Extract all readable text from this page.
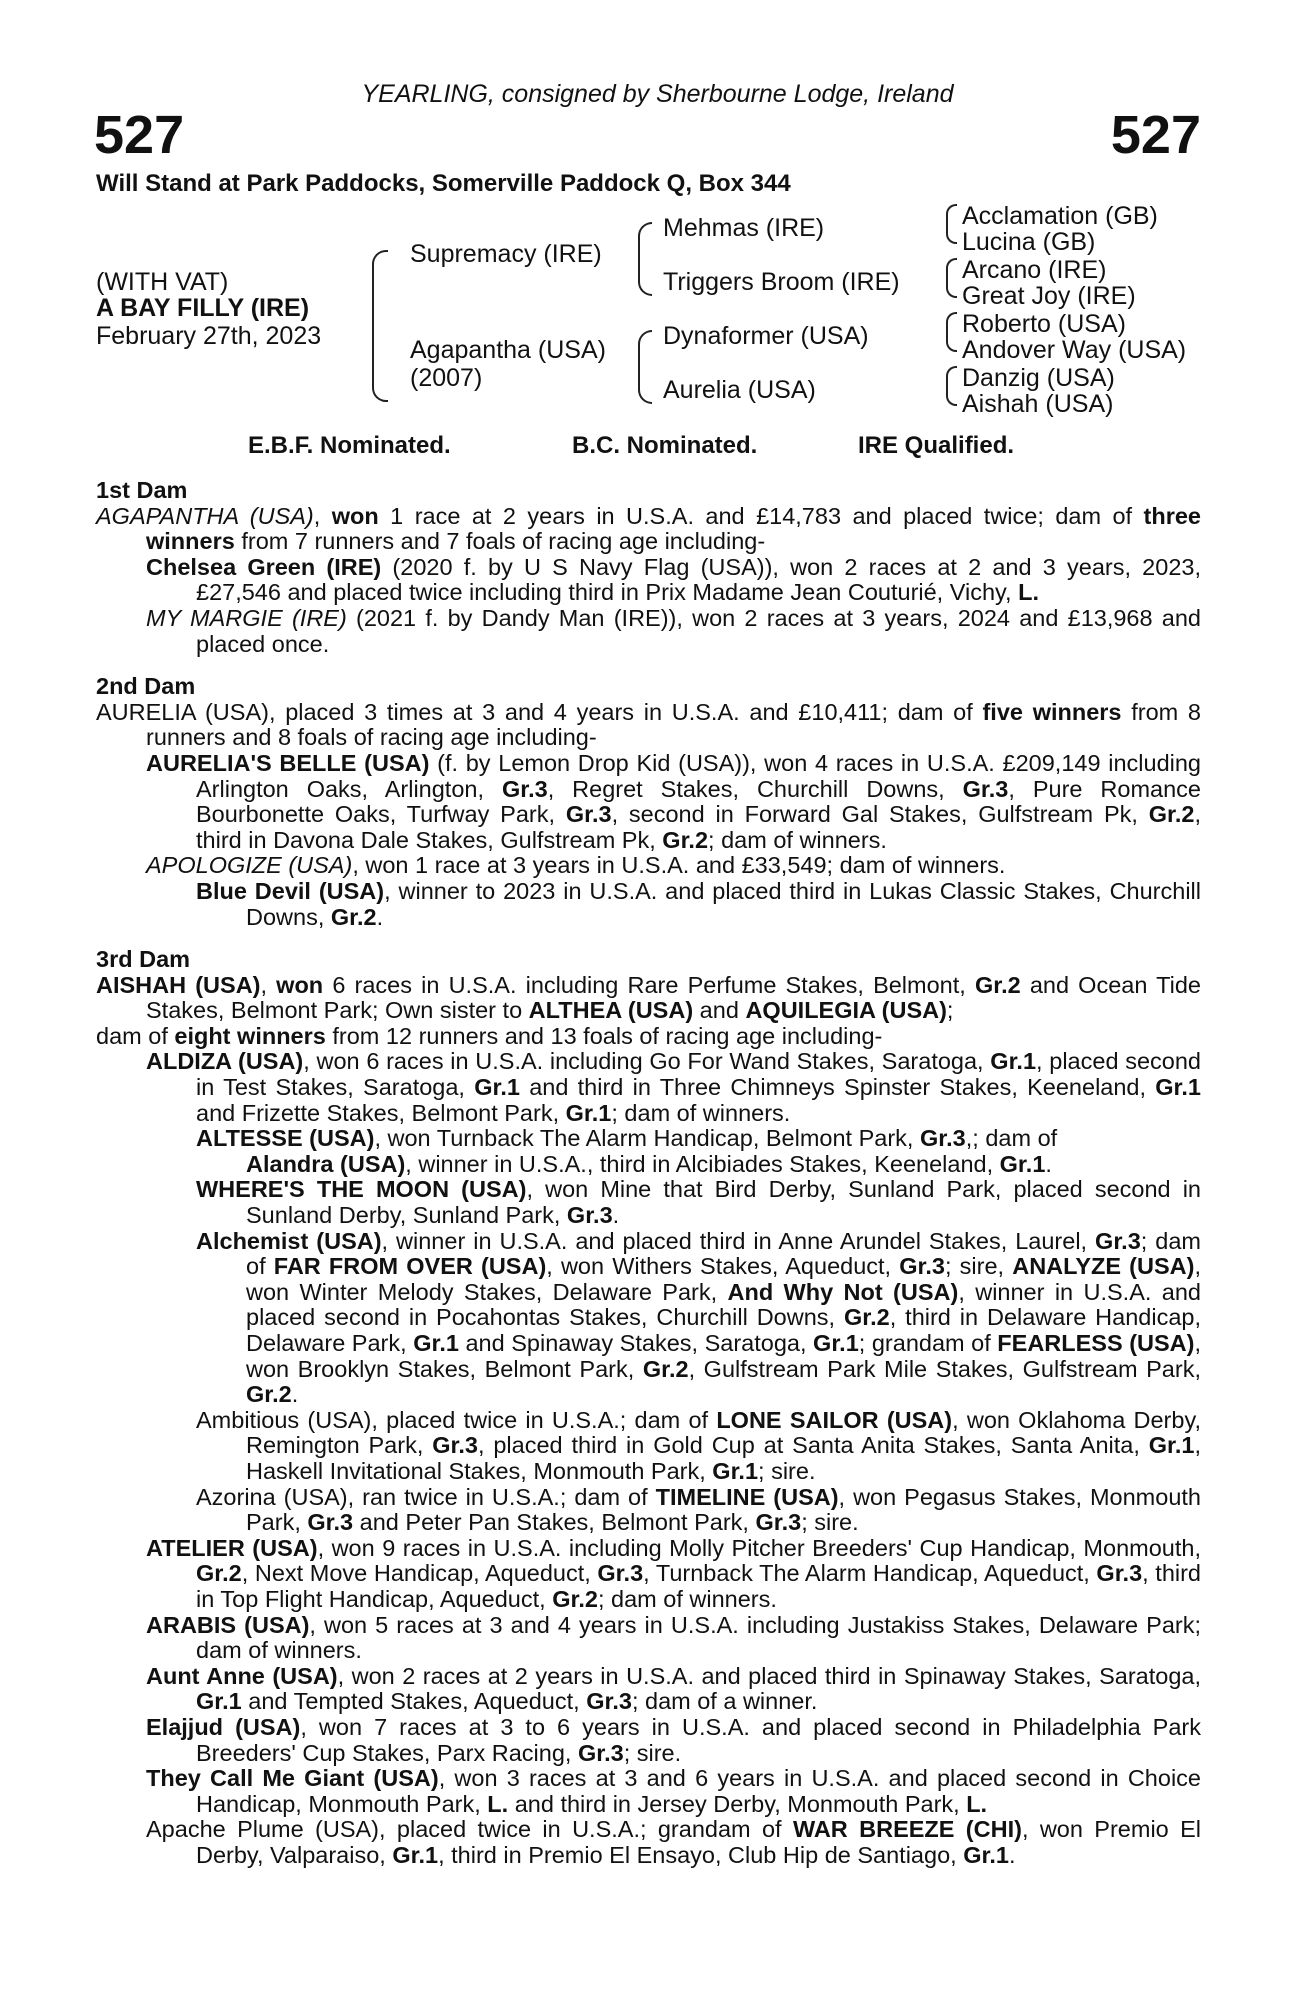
YEARLING, consigned by Sherbourne Lodge, Ireland
527	527
Will Stand at Park Paddocks, Somerville Paddock Q, Box 344
(WITH VAT)
A BAY FILLY (IRE)
February 27th, 2023
Supremacy (IRE)
Agapantha (USA)
(2007)
Mehmas (IRE)
Triggers Broom (IRE)
Dynaformer (USA)
Aurelia (USA)
Acclamation (GB)
Lucina (GB)
Arcano (IRE)
Great Joy (IRE)
Roberto (USA)
Andover Way (USA)
Danzig (USA)
Aishah (USA)
E.B.F. Nominated.	B.C. Nominated.	IRE Qualified.
1st Dam
AGAPANTHA (USA), won 1 race at 2 years in U.S.A. and £14,783 and placed twice; dam of three winners from 7 runners and 7 foals of racing age including-
Chelsea Green (IRE) (2020 f. by U S Navy Flag (USA)), won 2 races at 2 and 3 years, 2023, £27,546 and placed twice including third in Prix Madame Jean Couturié, Vichy, L.
MY MARGIE (IRE) (2021 f. by Dandy Man (IRE)), won 2 races at 3 years, 2024 and £13,968 and placed once.
2nd Dam
AURELIA (USA), placed 3 times at 3 and 4 years in U.S.A. and £10,411; dam of five winners from 8 runners and 8 foals of racing age including-
AURELIA'S BELLE (USA) (f. by Lemon Drop Kid (USA)), won 4 races in U.S.A. £209,149 including Arlington Oaks, Arlington, Gr.3, Regret Stakes, Churchill Downs, Gr.3, Pure Romance Bourbonette Oaks, Turfway Park, Gr.3, second in Forward Gal Stakes, Gulfstream Pk, Gr.2, third in Davona Dale Stakes, Gulfstream Pk, Gr.2; dam of winners.
APOLOGIZE (USA), won 1 race at 3 years in U.S.A. and £33,549; dam of winners.
Blue Devil (USA), winner to 2023 in U.S.A. and placed third in Lukas Classic Stakes, Churchill Downs, Gr.2.
3rd Dam
AISHAH (USA), won 6 races in U.S.A. including Rare Perfume Stakes, Belmont, Gr.2 and Ocean Tide Stakes, Belmont Park; Own sister to ALTHEA (USA) and AQUILEGIA (USA);
dam of eight winners from 12 runners and 13 foals of racing age including-
ALDIZA (USA), won 6 races in U.S.A. including Go For Wand Stakes, Saratoga, Gr.1, placed second in Test Stakes, Saratoga, Gr.1 and third in Three Chimneys Spinster Stakes, Keeneland, Gr.1 and Frizette Stakes, Belmont Park, Gr.1; dam of winners.
ALTESSE (USA), won Turnback The Alarm Handicap, Belmont Park, Gr.3,; dam of
Alandra (USA), winner in U.S.A., third in Alcibiades Stakes, Keeneland, Gr.1.
WHERE'S THE MOON (USA), won Mine that Bird Derby, Sunland Park, placed second in Sunland Derby, Sunland Park, Gr.3.
Alchemist (USA), winner in U.S.A. and placed third in Anne Arundel Stakes, Laurel, Gr.3; dam of FAR FROM OVER (USA), won Withers Stakes, Aqueduct, Gr.3; sire, ANALYZE (USA), won Winter Melody Stakes, Delaware Park, And Why Not (USA), winner in U.S.A. and placed second in Pocahontas Stakes, Churchill Downs, Gr.2, third in Delaware Handicap, Delaware Park, Gr.1 and Spinaway Stakes, Saratoga, Gr.1; grandam of FEARLESS (USA), won Brooklyn Stakes, Belmont Park, Gr.2, Gulfstream Park Mile Stakes, Gulfstream Park, Gr.2.
Ambitious (USA), placed twice in U.S.A.; dam of LONE SAILOR (USA), won Oklahoma Derby, Remington Park, Gr.3, placed third in Gold Cup at Santa Anita Stakes, Santa Anita, Gr.1, Haskell Invitational Stakes, Monmouth Park, Gr.1; sire.
Azorina (USA), ran twice in U.S.A.; dam of TIMELINE (USA), won Pegasus Stakes, Monmouth Park, Gr.3 and Peter Pan Stakes, Belmont Park, Gr.3; sire.
ATELIER (USA), won 9 races in U.S.A. including Molly Pitcher Breeders' Cup Handicap, Monmouth, Gr.2, Next Move Handicap, Aqueduct, Gr.3, Turnback The Alarm Handicap, Aqueduct, Gr.3, third in Top Flight Handicap, Aqueduct, Gr.2; dam of winners.
ARABIS (USA), won 5 races at 3 and 4 years in U.S.A. including Justakiss Stakes, Delaware Park; dam of winners.
Aunt Anne (USA), won 2 races at 2 years in U.S.A. and placed third in Spinaway Stakes, Saratoga, Gr.1 and Tempted Stakes, Aqueduct, Gr.3; dam of a winner.
Elajjud (USA), won 7 races at 3 to 6 years in U.S.A. and placed second in Philadelphia Park Breeders' Cup Stakes, Parx Racing, Gr.3; sire.
They Call Me Giant (USA), won 3 races at 3 and 6 years in U.S.A. and placed second in Choice Handicap, Monmouth Park, L. and third in Jersey Derby, Monmouth Park, L.
Apache Plume (USA), placed twice in U.S.A.; grandam of WAR BREEZE (CHI), won Premio El Derby, Valparaiso, Gr.1, third in Premio El Ensayo, Club Hip de Santiago, Gr.1.
